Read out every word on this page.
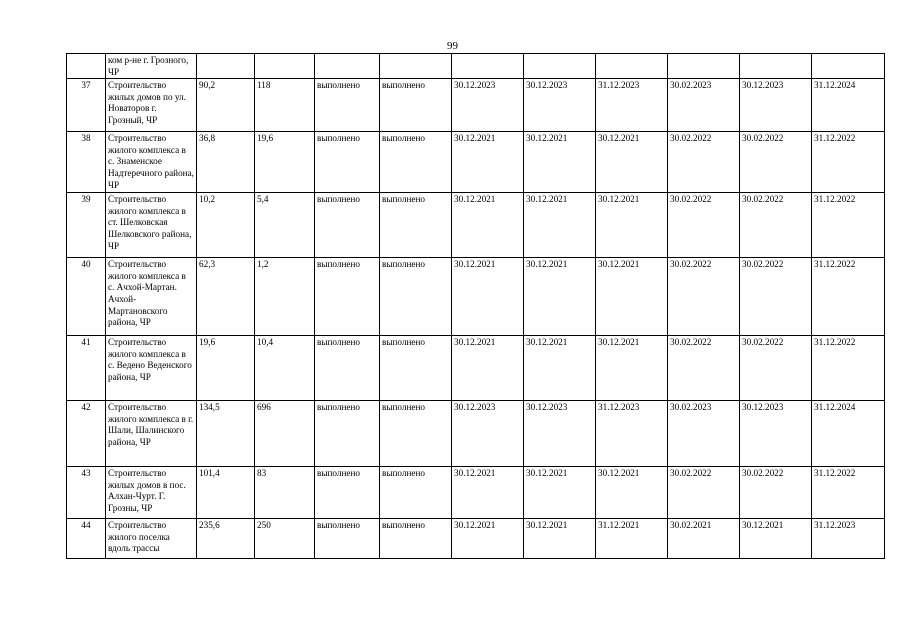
99
	ком р-не г. Грозного, ЧР										
37	Строительство жилых домов по ул. Новаторов г. Грозный, ЧР	90,2	118	выполнено	выполнено	30.12.2023	30.12.2023	31.12.2023	30.02.2023	30.12.2023	31.12.2024
38	Строительство жилого комплекса в с. Знаменское Надтеречного района, ЧР	36,8	19,6	выполнено	выполнено	30.12.2021	30.12.2021	30.12.2021	30.02.2022	30.02.2022	31.12.2022
39	Строительство жилого комплекса в ст. Шелковская Шелковского района, ЧР	10,2	5,4	выполнено	выполнено	30.12.2021	30.12.2021	30.12.2021	30.02.2022	30.02.2022	31.12.2022
40	Строительство жилого комплекса в с. Ачхой-Мартан. Ачхой-Мартановского района, ЧР	62,3	1,2	выполнено	выполнено	30.12.2021	30.12.2021	30.12.2021	30.02.2022	30.02.2022	31.12.2022
41	Строительство жилого комплекса в с. Ведено Веденского района, ЧР	19,6	10,4	выполнено	выполнено	30.12.2021	30.12.2021	30.12.2021	30.02.2022	30.02.2022	31.12.2022
42	Строительство жилого комплекса в г. Шали, Шалинского района, ЧР	134,5	696	выполнено	выполнено	30.12.2023	30.12.2023	31.12.2023	30.02.2023	30.12.2023	31.12.2024
43	Строительство жилых домов в пос. Алхан-Чурт. Г. Грозны, ЧР	101,4	83	выполнено	выполнено	30.12.2021	30.12.2021	30.12.2021	30.02.2022	30.02.2022	31.12.2022
44	Строительство жилого поселка вдоль трассы	235,6	250	выполнено	выполнено	30.12.2021	30.12.2021	31.12.2021	30.02.2021	30.12.2021	31.12.2023
